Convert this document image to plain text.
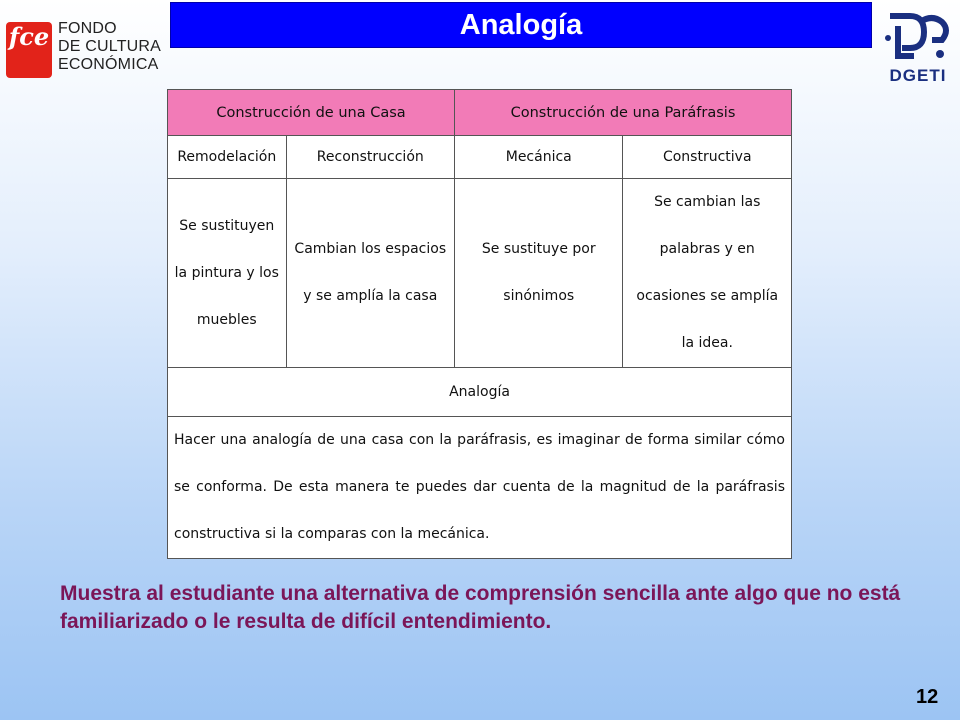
fce FONDO
DE CULTURA
ECONÓMICA
Analogía
DGETI
Construcción de una Casa		Construcción de una Paráfrasis	
Remodelación	Reconstrucción	Mecánica	Constructiva
Se sustituyen la pintura y los muebles	Cambian los espacios y se amplía la casa	Se sustituye por sinónimos	Se cambian las palabras y en ocasiones se amplía la idea.
Analogía			
Hacer una analogía de una casa con la paráfrasis, es imaginar de forma similar cómo se conforma. De esta manera te puedes dar cuenta de la magnitud de la paráfrasis constructiva si la comparas con la mecánica.			
Muestra al estudiante una alternativa de comprensión sencilla ante algo que no está familiarizado o le resulta de difícil entendimiento.
12
